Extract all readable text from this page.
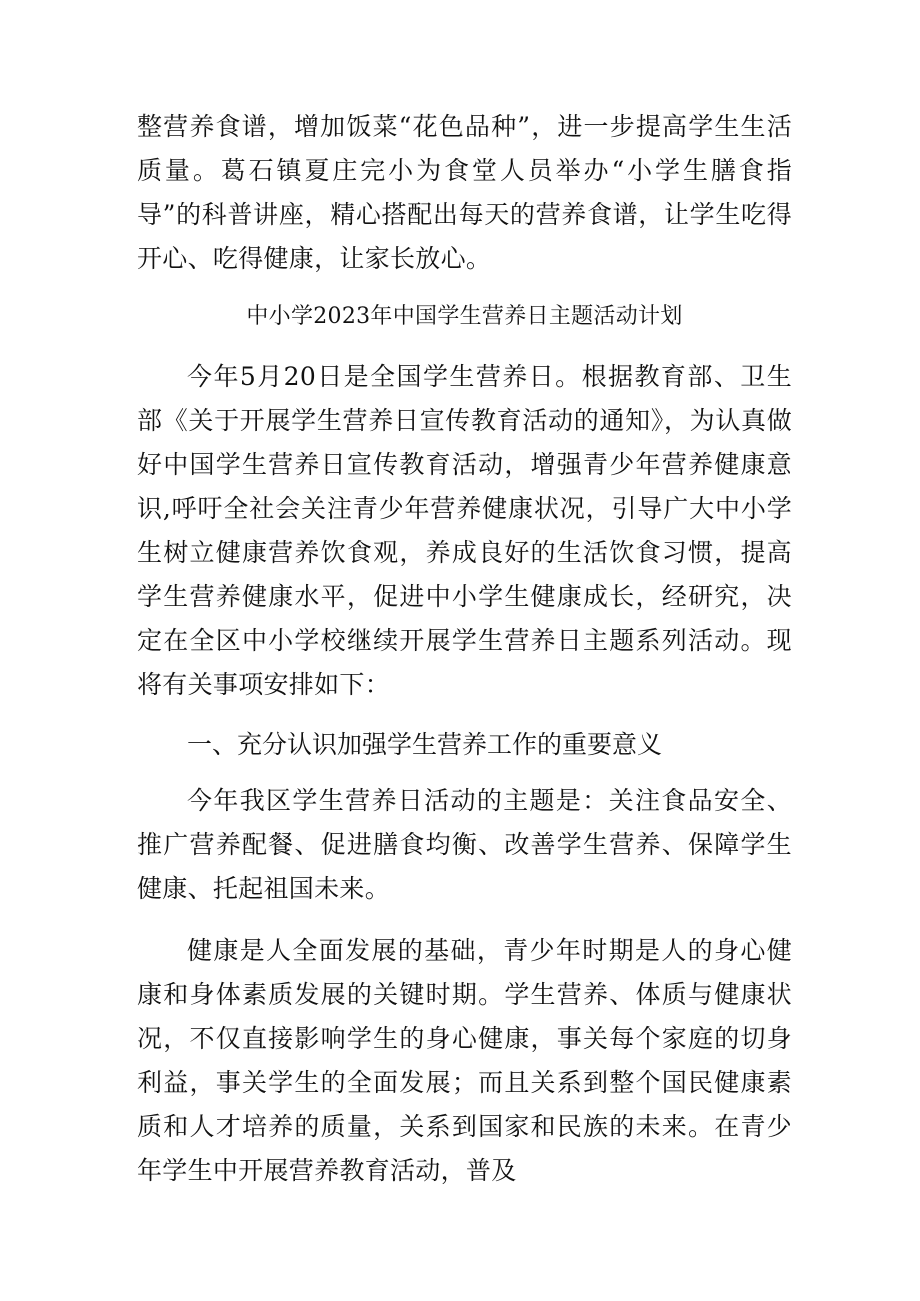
整营养食谱，增加饭菜“花色品种”，进一步提高学生生活质量。葛石镇夏庄完小为食堂人员举办“小学生膳食指导”的科普讲座，精心搭配出每天的营养食谱，让学生吃得开心、吃得健康，让家长放心。

中小学2023年中国学生营养日主题活动计划

今年5月20日是全国学生营养日。根据教育部、卫生部《关于开展学生营养日宣传教育活动的通知》，为认真做好中国学生营养日宣传教育活动，增强青少年营养健康意识,呼吁全社会关注青少年营养健康状况，引导广大中小学生树立健康营养饮食观，养成良好的生活饮食习惯，提高学生营养健康水平，促进中小学生健康成长，经研究，决定在全区中小学校继续开展学生营养日主题系列活动。现将有关事项安排如下：

一、充分认识加强学生营养工作的重要意义

今年我区学生营养日活动的主题是：关注食品安全、推广营养配餐、促进膳食均衡、改善学生营养、保障学生健康、托起祖国未来。

健康是人全面发展的基础，青少年时期是人的身心健康和身体素质发展的关键时期。学生营养、体质与健康状况，不仅直接影响学生的身心健康，事关每个家庭的切身利益，事关学生的全面发展；而且关系到整个国民健康素质和人才培养的质量，关系到国家和民族的未来。在青少年学生中开展营养教育活动，普及
